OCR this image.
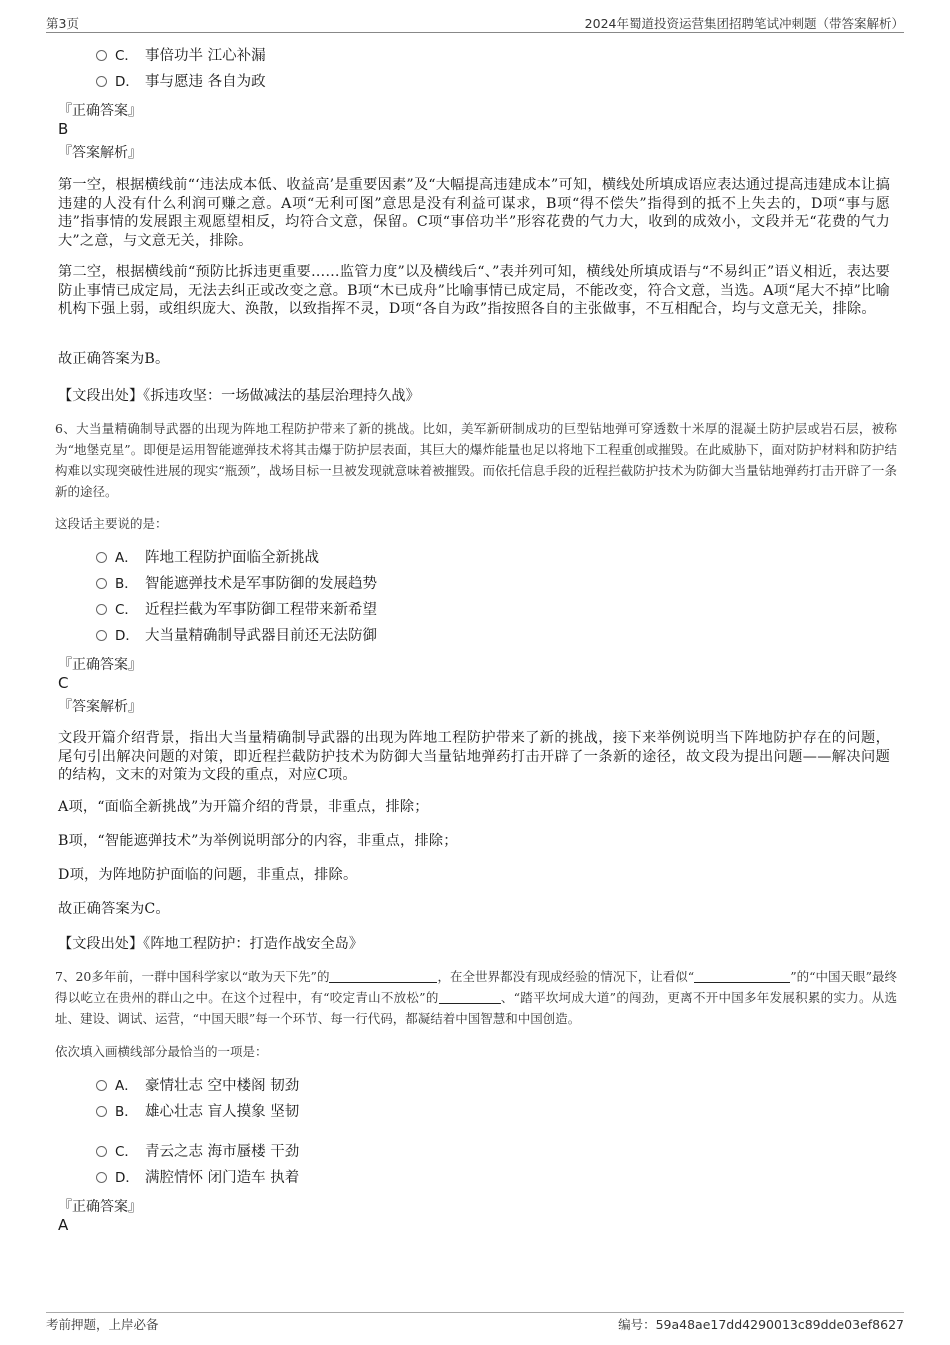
第3页	2024年蜀道投资运营集团招聘笔试冲刺题（带答案解析）
C． 事倍功半 江心补漏
D． 事与愿违 各自为政
『正确答案』
B
『答案解析』
第一空，根据横线前“‘违法成本低、收益高’是重要因素”及“大幅提高违建成本”可知，横线处所填成语应表达通过提高违建成本让搞违建的人没有什么利润可赚之意。A项“无利可图”意思是没有利益可谋求，B项“得不偿失”指得到的抵不上失去的，D项“事与愿违”指事情的发展跟主观愿望相反，均符合文意，保留。C项“事倍功半”形容花费的气力大，收到的成效小，文段并无“花费的气力大”之意，与文意无关，排除。
第二空，根据横线前“预防比拆违更重要……监管力度”以及横线后“、”表并列可知，横线处所填成语与“不易纠正”语义相近，表达要防止事情已成定局，无法去纠正或改变之意。B项“木已成舟”比喻事情已成定局，不能改变，符合文意，当选。A项“尾大不掉”比喻机构下强上弱，或组织庞大、涣散，以致指挥不灵，D项“各自为政”指按照各自的主张做事，不互相配合，均与文意无关，排除。
故正确答案为B。
【文段出处】《拆违攻坚：一场做减法的基层治理持久战》
6、大当量精确制导武器的出现为阵地工程防护带来了新的挑战。比如，美军新研制成功的巨型钻地弹可穿透数十米厚的混凝土防护层或岩石层，被称为“地堡克星”。即便是运用智能遮弹技术将其击爆于防护层表面，其巨大的爆炸能量也足以将地下工程重创或摧毁。在此威胁下，面对防护材料和防护结构难以实现突破性进展的现实“瓶颈”，战场目标一旦被发现就意味着被摧毁。而依托信息手段的近程拦截防护技术为防御大当量钻地弹药打击开辟了一条新的途径。
这段话主要说的是：
A． 阵地工程防护面临全新挑战
B． 智能遮弹技术是军事防御的发展趋势
C． 近程拦截为军事防御工程带来新希望
D． 大当量精确制导武器目前还无法防御
『正确答案』
C
『答案解析』
文段开篇介绍背景，指出大当量精确制导武器的出现为阵地工程防护带来了新的挑战，接下来举例说明当下阵地防护存在的问题，尾句引出解决问题的对策，即近程拦截防护技术为防御大当量钻地弹药打击开辟了一条新的途径，故文段为提出问题——解决问题的结构，文末的对策为文段的重点，对应C项。
A项，“面临全新挑战”为开篇介绍的背景，非重点，排除；
B项，“智能遮弹技术”为举例说明部分的内容，非重点，排除；
D项，为阵地防护面临的问题，非重点，排除。
故正确答案为C。
【文段出处】《阵地工程防护：打造作战安全岛》
7、20多年前，一群中国科学家以“敢为天下先”的	，在全世界都没有现成经验的情况下，让看似“	”的“中国天眼”最终得以屹立在贵州的群山之中。在这个过程中，有“咬定青山不放松”的	、“踏平坎坷成大道”的闯劲，更离不开中国多年发展积累的实力。从选址、建设、调试、运营，“中国天眼”每一个环节、每一行代码，都凝结着中国智慧和中国创造。
依次填入画横线部分最恰当的一项是：
A． 豪情壮志 空中楼阁 韧劲
B． 雄心壮志 盲人摸象 坚韧
C． 青云之志 海市蜃楼 干劲
D． 满腔情怀 闭门造车 执着
『正确答案』
A
考前押题，上岸必备	编号：59a48ae17dd4290013c89dde03ef8627
